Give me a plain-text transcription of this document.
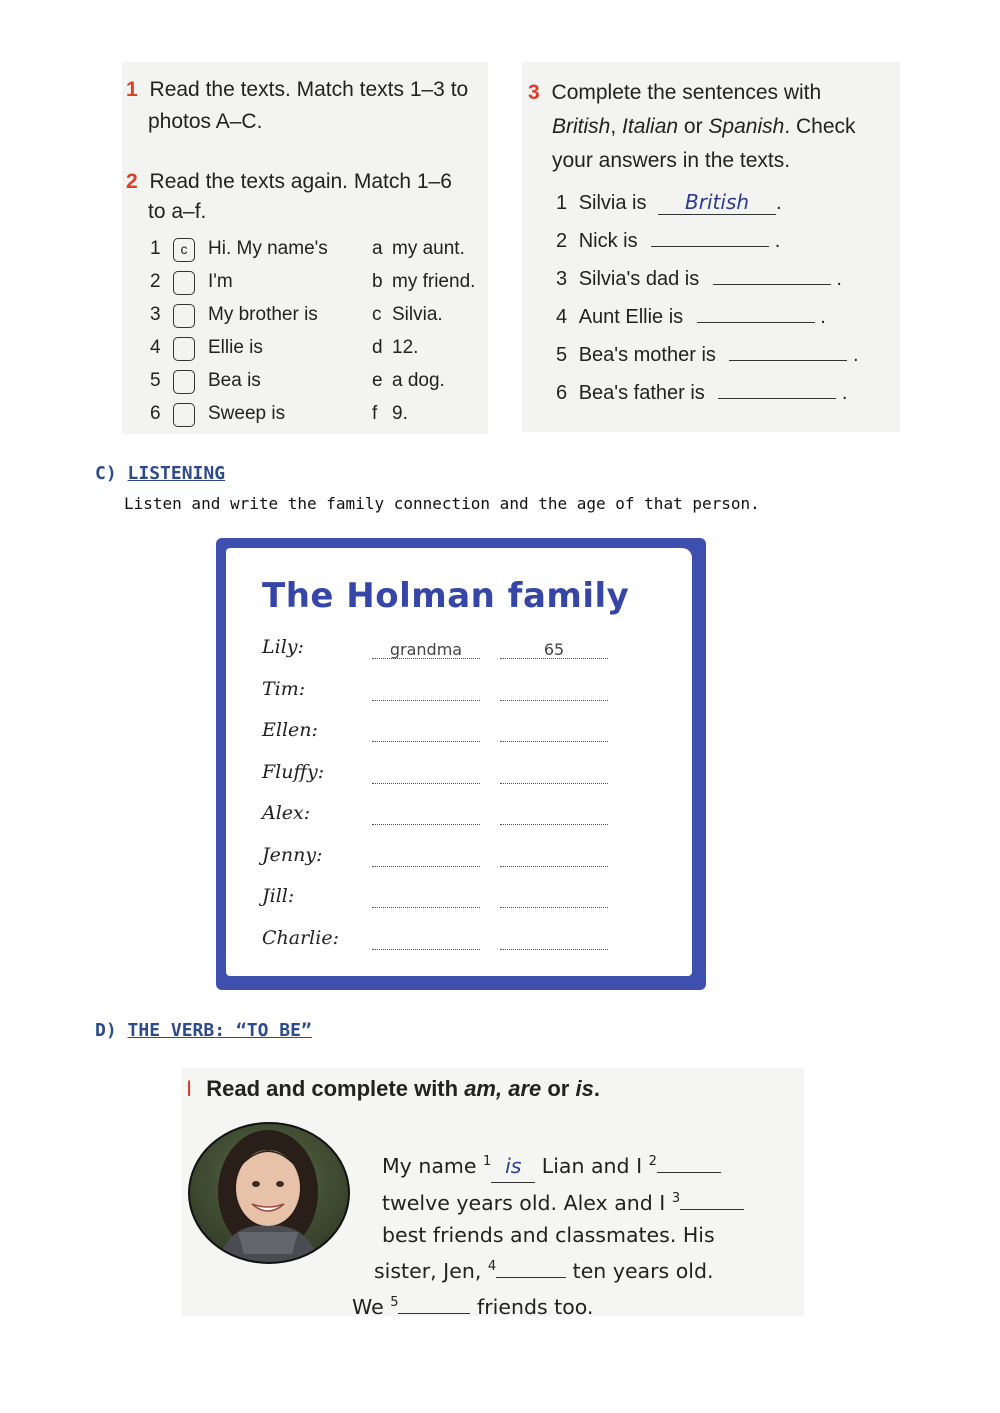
1 Read the texts. Match texts 1–3 to
photos A–C.
2 Read the texts again. Match 1–6
to a–f.
1	c	Hi. My name's a my aunt.
2 I'm	b my friend.
3 My brother is	c Silvia.
4 Ellie is	d 12.
5 Bea is	e a dog.
6 Sweep is	f 9.
3 Complete the sentences with
British, Italian or Spanish. Check
your answers in the texts.
1 Silvia is British .
2 Nick is	.
3 Silvia's dad is	.
4 Aunt Ellie is	.
5 Bea's mother is	.
6 Bea's father is	.
C) LISTENING
Listen and write the family connection and the age of that person.
The Holman family
Lily:	grandma	65
Tim:
Ellen:
Fluffy:
Alex:
Jenny:
Jill:
Charlie:
D) THE VERB: “TO BE”
I Read and complete with am, are or is.
My name $^1$ is Lian and I $^2$
twelve years old. Alex and I $^3$
best friends and classmates. His
sister, Jen, $^4$	ten years old.
We $^5$	friends too.
